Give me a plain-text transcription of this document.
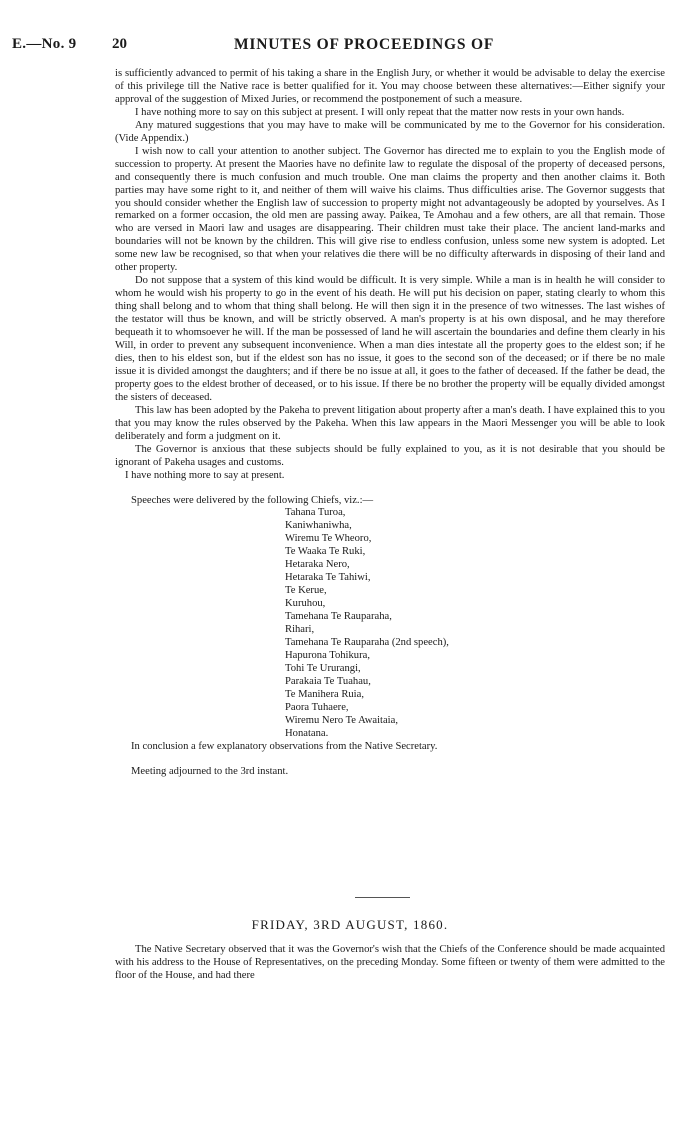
E.—No. 9 20	MINUTES OF PROCEEDINGS OF

is sufficiently advanced to permit of his taking a share in the English Jury, or whether it would be advisable to delay the exercise of this privilege till the Native race is better qualified for it. You may choose between these alternatives:—Either signify your approval of the suggestion of Mixed Juries, or recommend the postponement of such a measure.

I have nothing more to say on this subject at present. I will only repeat that the matter now rests in your own hands.

Any matured suggestions that you may have to make will be communicated by me to the Governor for his consideration. (Vide Appendix.)

I wish now to call your attention to another subject. The Governor has directed me to explain to you the English mode of succession to property. At present the Maories have no definite law to regulate the disposal of the property of deceased persons, and consequently there is much confusion and much trouble. One man claims the property and then another claims it. Both parties may have some right to it, and neither of them will waive his claims. Thus difficulties arise. The Governor suggests that you should consider whether the English law of succession to property might not advantageously be adopted by yourselves. As I remarked on a former occasion, the old men are passing away. Paikea, Te Amohau and a few others, are all that remain. Those who are versed in Maori law and usages are disappearing. Their children must take their place. The ancient land-marks and boundaries will not be known by the children. This will give rise to endless confusion, unless some new system is adopted. Let some new law be recognised, so that when your relatives die there will be no difficulty afterwards in disposing of their land and other property.

Do not suppose that a system of this kind would be difficult. It is very simple. While a man is in health he will consider to whom he would wish his property to go in the event of his death. He will put his decision on paper, stating clearly to whom this thing shall belong and to whom that thing shall belong. He will then sign it in the presence of two witnesses. The last wishes of the testator will thus be known, and will be strictly observed. A man's property is at his own disposal, and he may therefore bequeath it to whomsoever he will. If the man be possessed of land he will ascertain the boundaries and define them clearly in his Will, in order to prevent any subsequent inconvenience. When a man dies intestate all the property goes to the eldest son; if he dies, then to his eldest son, but if the eldest son has no issue, it goes to the second son of the deceased; or if there be no male issue it is divided amongst the daughters; and if there be no issue at all, it goes to the father of deceased. If the father be dead, the property goes to the eldest brother of deceased, or to his issue. If there be no brother the property will be equally divided amongst the sisters of deceased.

This law has been adopted by the Pakeha to prevent litigation about property after a man's death. I have explained this to you that you may know the rules observed by the Pakeha. When this law appears in the Maori Messenger you will be able to look deliberately and form a judgment on it.

The Governor is anxious that these subjects should be fully explained to you, as it is not desirable that you should be ignorant of Pakeha usages and customs.

I have nothing more to say at present.

Speeches were delivered by the following Chiefs, viz.:—

Tahana Turoa,
Kaniwhaniwha,
Wiremu Te Wheoro,
Te Waaka Te Ruki,
Hetaraka Nero,
Hetaraka Te Tahiwi,
Te Kerue,
Kuruhou,
Tamehana Te Rauparaha,
Rihari,
Tamehana Te Rauparaha (2nd speech),
Hapurona Tohikura,
Tohi Te Ururangi,
Parakaia Te Tuahau,
Te Manihera Ruia,
Paora Tuhaere,
Wiremu Nero Te Awaitaia,
Honatana.

In conclusion a few explanatory observations from the Native Secretary.

Meeting adjourned to the 3rd instant.

FRIDAY, 3RD AUGUST, 1860.

The Native Secretary observed that it was the Governor's wish that the Chiefs of the Conference should be made acquainted with his address to the House of Representatives, on the preceding Monday. Some fifteen or twenty of them were admitted to the floor of the House, and had there
